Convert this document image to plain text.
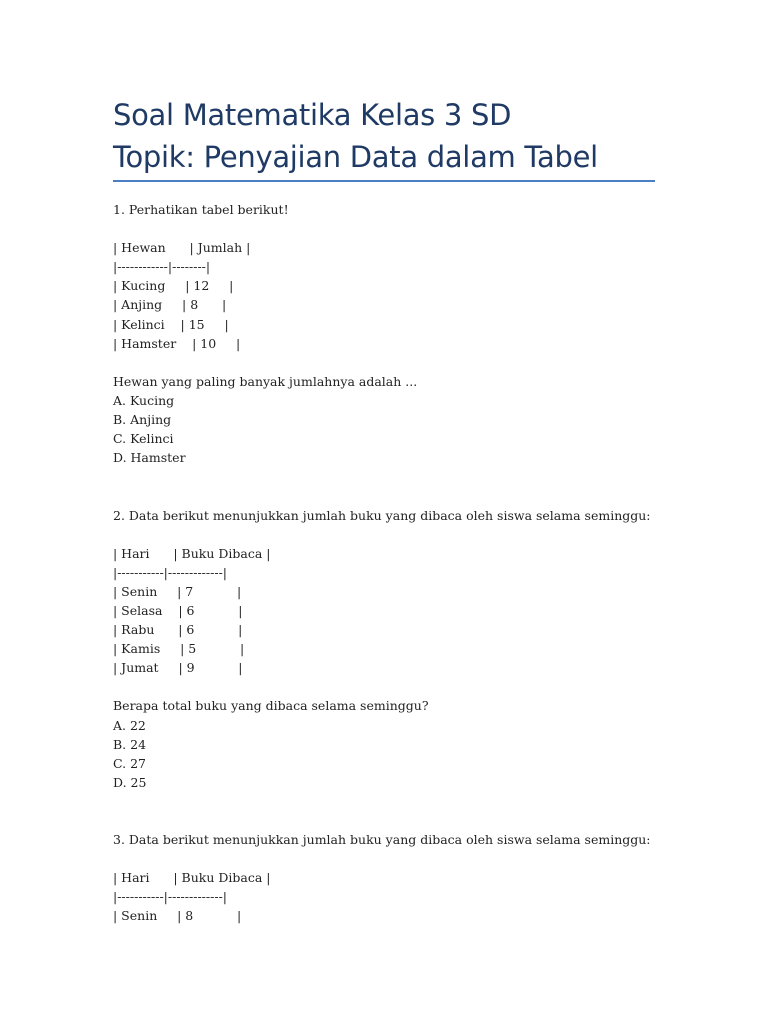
Soal Matematika Kelas 3 SD
Topik: Penyajian Data dalam Tabel
1. Perhatikan tabel berikut!
| Hewan      | Jumlah |
|------------|--------|
| Kucing     | 12     |
| Anjing     | 8      |
| Kelinci    | 15     |
| Hamster    | 10     |
Hewan yang paling banyak jumlahnya adalah ...
A. Kucing
B. Anjing
C. Kelinci
D. Hamster
2. Data berikut menunjukkan jumlah buku yang dibaca oleh siswa selama seminggu:
| Hari      | Buku Dibaca |
|-----------|-------------|
| Senin     | 7           |
| Selasa    | 6           |
| Rabu      | 6           |
| Kamis     | 5           |
| Jumat     | 9           |
Berapa total buku yang dibaca selama seminggu?
A. 22
B. 24
C. 27
D. 25
3. Data berikut menunjukkan jumlah buku yang dibaca oleh siswa selama seminggu:
| Hari      | Buku Dibaca |
|-----------|-------------|
| Senin     | 8           |
